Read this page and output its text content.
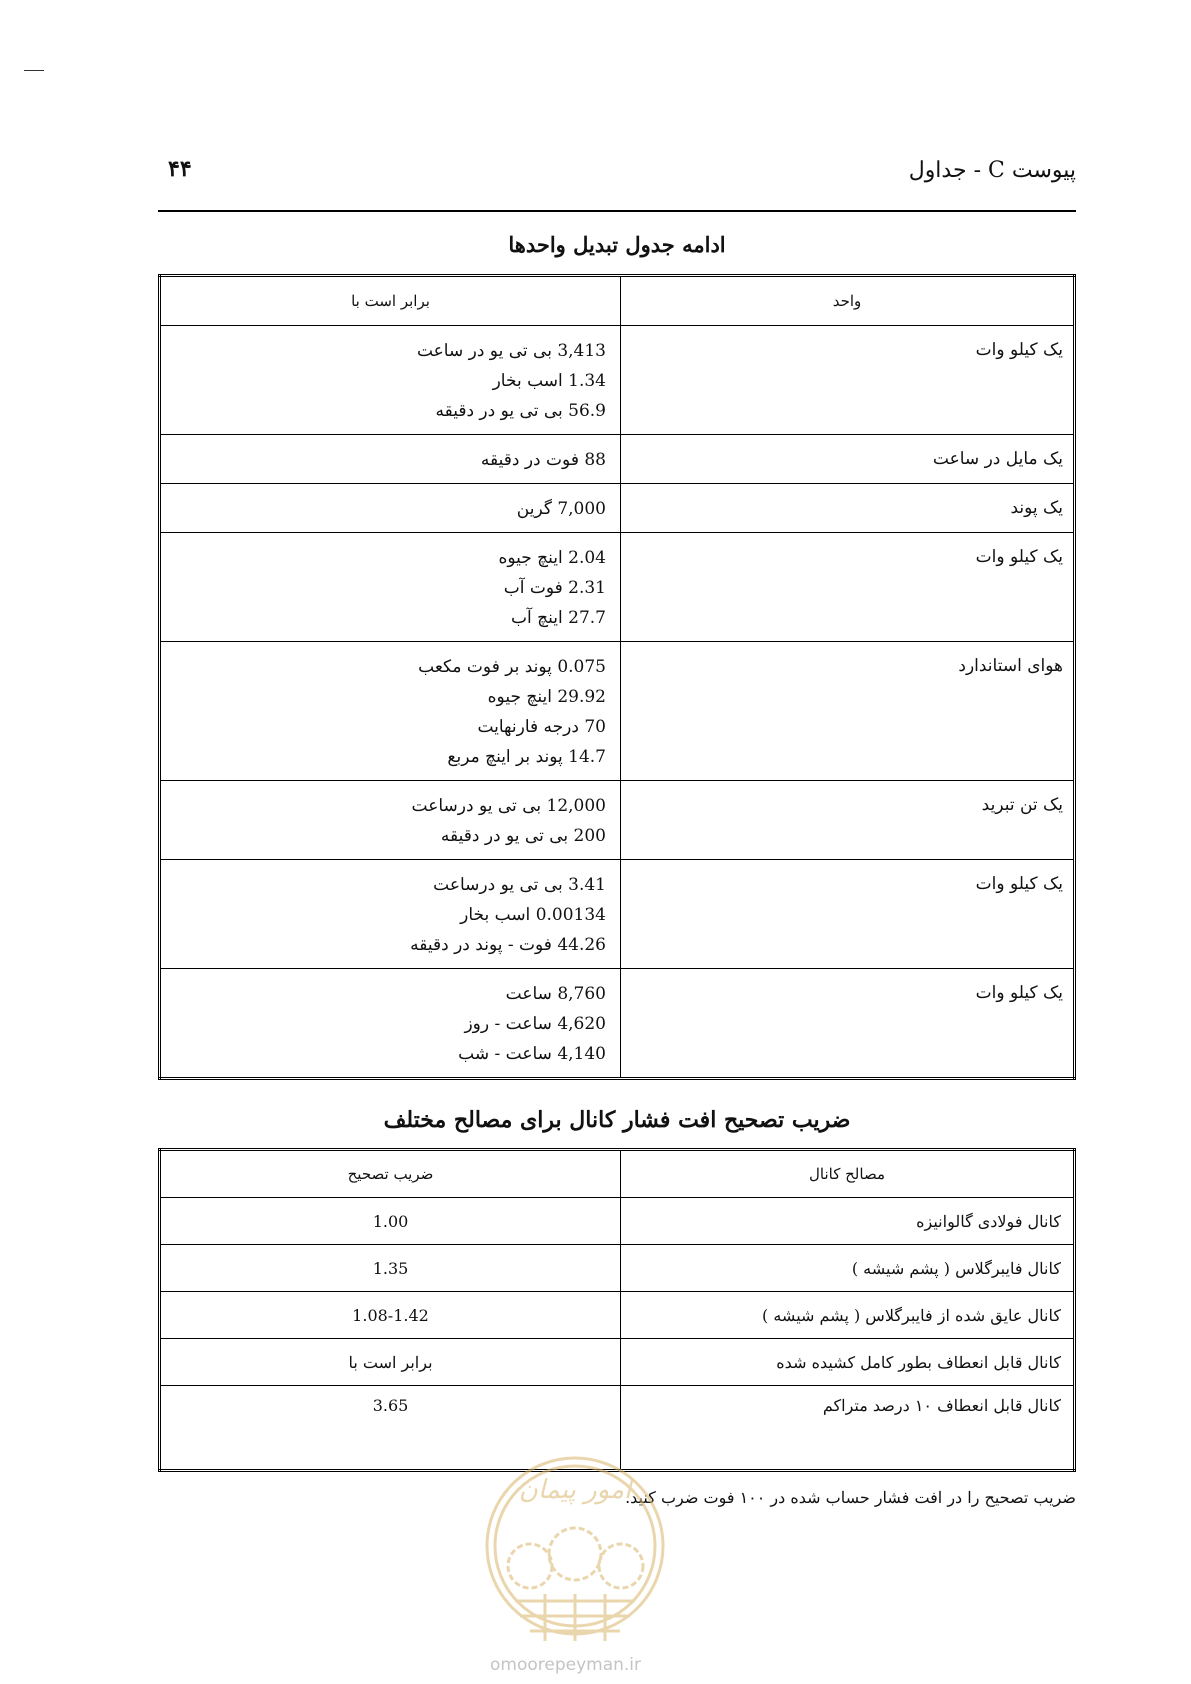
۴۴	پیوست C - جداول
ادامه جدول تبدیل واحدها
واحد	برابر است با
یک کیلو وات	3,413 بی تی یو در ساعت
1.34 اسب بخار
56.9 بی تی یو در دقیقه

یک مایل در ساعت	88 فوت در دقیقه

یک پوند	7,000 گرین

یک کیلو وات	2.04 اینچ جیوه
2.31 فوت آب
27.7 اینچ آب

هوای استاندارد	0.075 پوند بر فوت مکعب
29.92 اینچ جیوه
70 درجه فارنهایت
14.7 پوند بر اینچ مربع

یک تن تبرید	12,000 بی تی یو درساعت
200 بی تی یو در دقیقه

یک کیلو وات	3.41 بی تی یو درساعت
0.00134 اسب بخار
44.26 فوت - پوند در دقیقه

یک کیلو وات	8,760 ساعت
4,620 ساعت - روز
4,140 ساعت - شب
ضریب تصحیح افت فشار کانال برای مصالح مختلف
مصالح کانال	ضریب تصحیح
کانال فولادی گالوانیزه	1.00
کانال فایبرگلاس ( پشم شیشه )	1.35
کانال عایق شده از فایبرگلاس ( پشم شیشه )	1.08-1.42
کانال قابل انعطاف بطور کامل کشیده شده	برابر است با
کانال قابل انعطاف ۱۰ درصد متراکم	3.65
ضریب تصحیح را در افت فشار حساب شده در ۱۰۰ فوت ضرب کنید.
امور پیمان
omoorepeyman.ir
